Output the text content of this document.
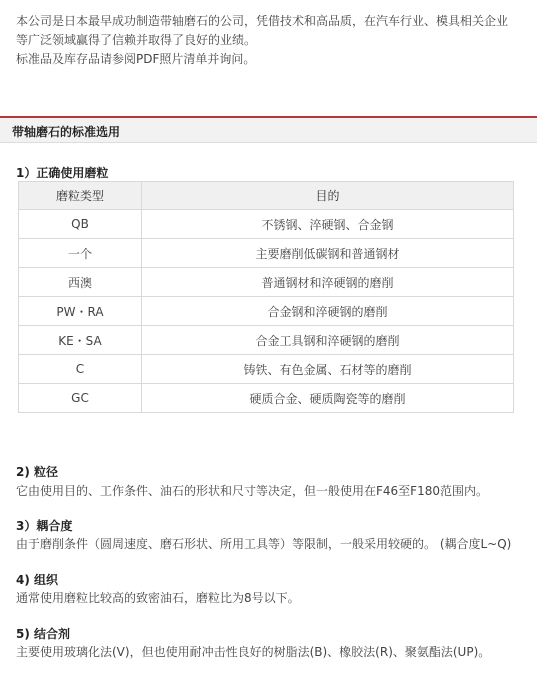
本公司是日本最早成功制造带轴磨石的公司，凭借技术和高品质，在汽车行业、模具相关企业

等广泛领域赢得了信赖并取得了良好的业绩。

标准品及库存品请参阅PDF照片清单并询问。

带轴磨石的标准选用
1）正确使用磨粒
磨粒类型	目的
QB	不锈钢、淬硬钢、合金钢
一个	主要磨削低碳钢和普通钢材
西澳	普通钢材和淬硬钢的磨削
PW・RA	合金钢和淬硬钢的磨削
KE・SA	合金工具钢和淬硬钢的磨削
C	铸铁、有色金属、石材等的磨削
GC	硬质合金、硬质陶瓷等的磨削
2) 粒径
它由使用目的、工作条件、油石的形状和尺寸等决定，但一般使用在F46至F180范围内。
3）耦合度
由于磨削条件（圆周速度、磨石形状、所用工具等）等限制，一般采用较硬的。 (耦合度L~Q)
4) 组织
通常使用磨粒比较高的致密油石，磨粒比为8号以下。
5) 结合剂
主要使用玻璃化法(V)，但也使用耐冲击性良好的树脂法(B)、橡胶法(R)、聚氨酯法(UP)。
